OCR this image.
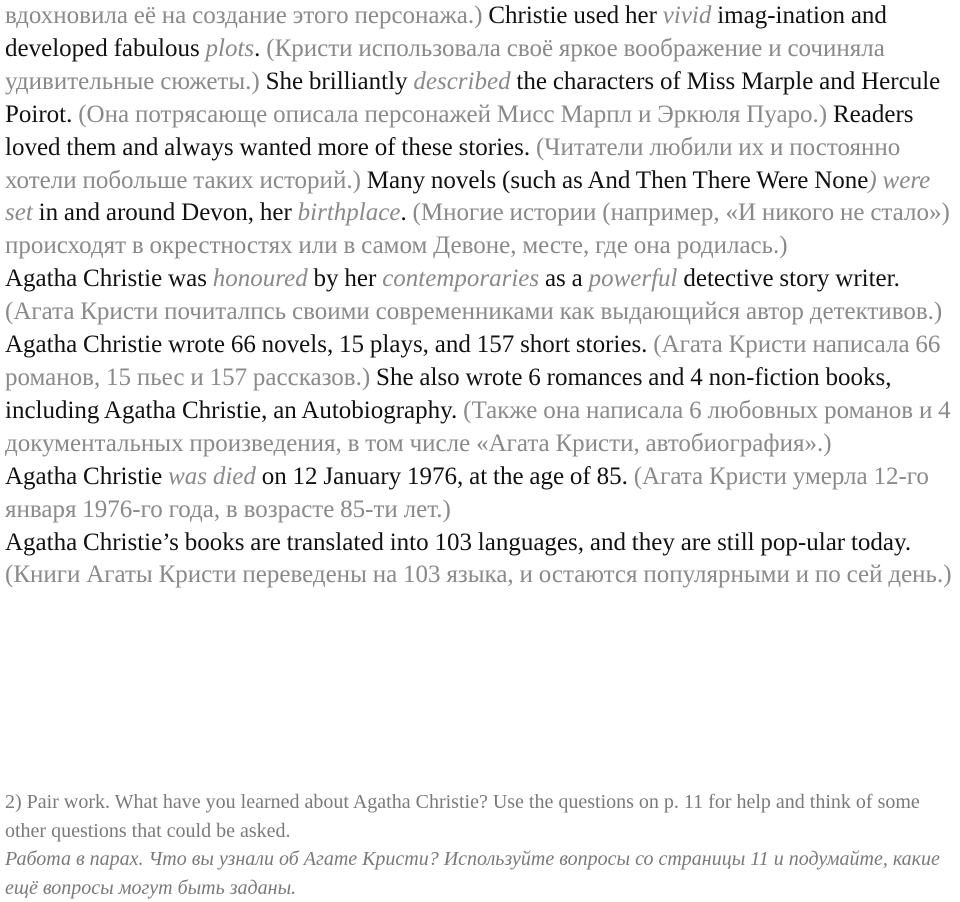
вдохновила её на создание этого персонажа.) Christie used her vivid imag-ination and developed fabulous plots. (Кристи использовала своё яркое воображение и сочиняла удивительные сюжеты.) She brilliantly described the characters of Miss Marple and Hercule Poirot. (Она потрясающе описала персонажей Мисс Марпл и Эркюля Пуаро.) Readers loved them and always wanted more of these stories. (Читатели любили их и постоянно хотели побольше таких историй.) Many novels (such as And Then There Were None) were set in and around Devon, her birthplace. (Многие истории (например, «И никого не стало») происходят в окрестностях или в самом Девоне, месте, где она родилась.)

Agatha Christie was honoured by her contemporaries as a powerful detective story writer. (Агата Кристи почиталпсь своими современниками как выдающийся автор детективов.) Agatha Christie wrote 66 novels, 15 plays, and 157 short stories. (Агата Кристи написала 66 романов, 15 пьес и 157 рассказов.) She also wrote 6 romances and 4 non-fiction books, including Agatha Christie, an Autobiography. (Также она написала 6 любовных романов и 4 документальных произведения, в том числе «Агата Кристи, автобиография».)

Agatha Christie was died on 12 January 1976, at the age of 85. (Агата Кристи умерла 12-го января 1976-го года, в возрасте 85-ти лет.)

Agatha Christie’s books are translated into 103 languages, and they are still pop-ular today. (Книги Агаты Кристи переведены на 103 языка, и остаются популярными и по сей день.)

2) Pair work. What have you learned about Agatha Christie? Use the questions on p. 11 for help and think of some other questions that could be asked.

Работа в парах. Что вы узнали об Агате Кристи? Используйте вопросы со страницы 11 и подумайте, какие ещё вопросы могут быть заданы.
